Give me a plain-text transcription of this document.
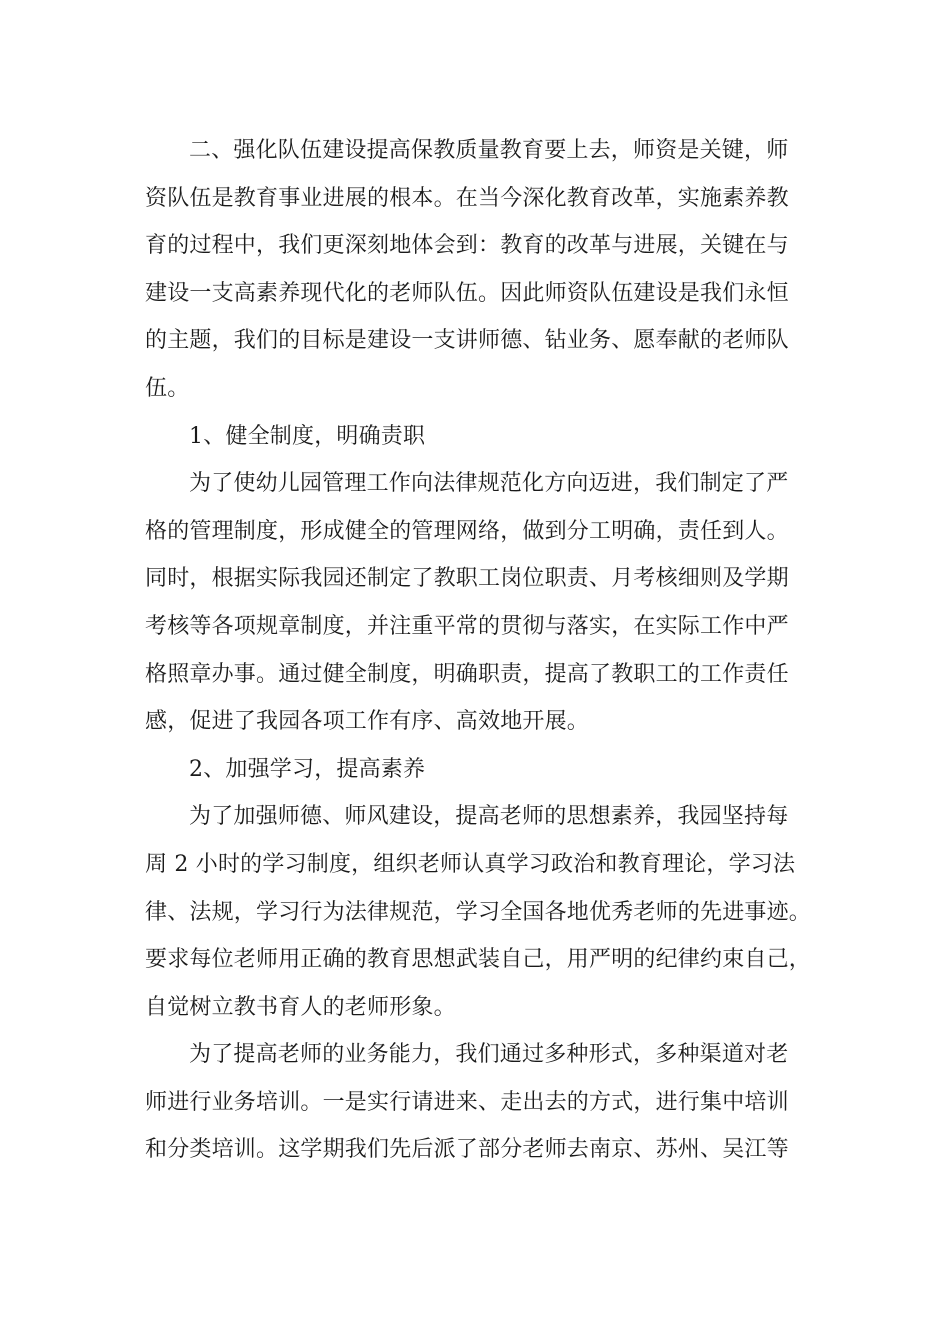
二、强化队伍建设提高保教质量教育要上去，师资是关键，师
资队伍是教育事业进展的根本。在当今深化教育改革，实施素养教
育的过程中，我们更深刻地体会到：教育的改革与进展，关键在与
建设一支高素养现代化的老师队伍。因此师资队伍建设是我们永恒
的主题，我们的目标是建设一支讲师德、钻业务、愿奉献的老师队
伍。
1、健全制度，明确责职
为了使幼儿园管理工作向法律规范化方向迈进，我们制定了严
格的管理制度，形成健全的管理网络，做到分工明确，责任到人。
同时，根据实际我园还制定了教职工岗位职责、月考核细则及学期
考核等各项规章制度，并注重平常的贯彻与落实，在实际工作中严
格照章办事。通过健全制度，明确职责，提高了教职工的工作责任
感，促进了我园各项工作有序、高效地开展。
2、加强学习，提高素养
为了加强师德、师风建设，提高老师的思想素养，我园坚持每
周 2 小时的学习制度，组织老师认真学习政治和教育理论，学习法
律、法规，学习行为法律规范，学习全国各地优秀老师的先进事迹。
要求每位老师用正确的教育思想武装自己，用严明的纪律约束自己，
自觉树立教书育人的老师形象。
为了提高老师的业务能力，我们通过多种形式，多种渠道对老
师进行业务培训。一是实行请进来、走出去的方式，进行集中培训
和分类培训。这学期我们先后派了部分老师去南京、苏州、吴江等
